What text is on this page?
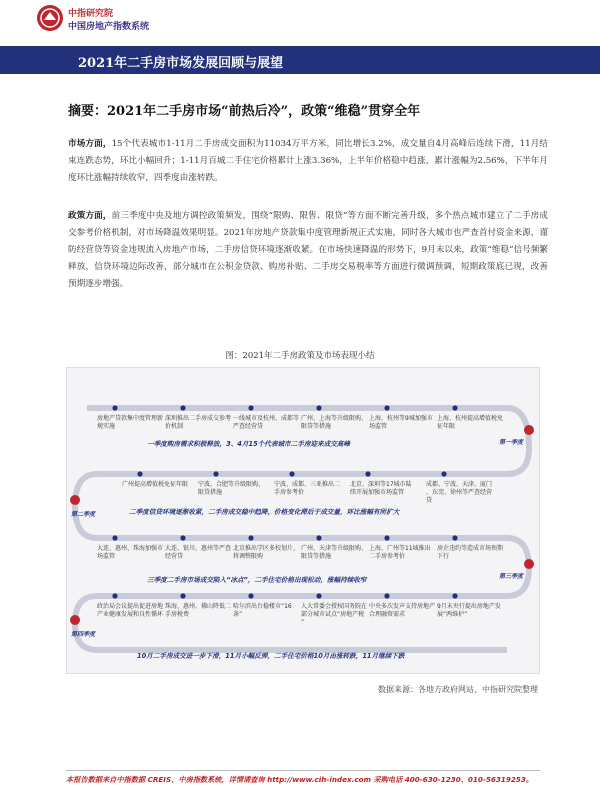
中指研究院
中国房地产指数系统
2021年二手房市场发展回顾与展望
摘要：2021年二手房市场“前热后冷”，政策“维稳”贯穿全年
市场方面，15个代表城市1-11月二手房成交面积为11034万平方米，同比增长3.2%，成交量自4月高峰后连续下滑，11月结束连跌态势，环比小幅回升；1-11月百城二手住宅价格累计上涨3.36%，上半年价格稳中趋涨，累计涨幅为2.56%，下半年月度环比涨幅持续收窄，四季度由涨转跌。
政策方面，前三季度中央及地方调控政策频发，围绕“限购、限售、限贷”等方面不断完善升级，多个热点城市建立了二手房成交参考价格机制，对市场降温效果明显。2021年房地产贷款集中度管理新规正式实施，同时各大城市也严查首付资金来源，谨防经营贷等资金违规流入房地产市场，二手房信贷环境逐渐收紧。在市场快速降温的形势下，9月末以来，政策“维稳”信号频繁释放，信贷环境边际改善，部分城市在公积金贷款、购房补贴、二手房交易税率等方面进行微调预调，短期政策底已现，改善预期逐步增强。
图：2021年二手房政策及市场表现小结
第一季度
第二季度
第三季度
第四季度
一季度购房需求积极释放，3、4月15个代表城市二手房迎来成交高峰
二季度信贷环境逐渐收紧，二手房成交稳中趋降，价格变化滞后于成交量，环比涨幅有所扩大
三季度二手房市场成交陷入“冰点”，二手住宅价格出现松动，涨幅持续收窄
10月二手房成交进一步下滑，11月小幅反弹，二手住宅价格10月由涨转跌，11月继续下跌
房地产贷款集中度管理新规实施
深圳推出二手房成交参考价机制
一线城市及杭州、成都等严查经营贷
广州、上海等升级限购、限贷等措施
上海、杭州等9城加强市场监管
上海、杭州提高增值税免征年限
广州提高增值税免征年限 宁波、合肥等升级限购、限贷措施
宁波、成都、三亚推出二手房参考价
北京、深圳等17城市陆续开展加强市场监管
成都、宁波、天津、厦门、东莞、徐州等严查经营贷
大连、惠州、珠海加强市场监管
大连、银川、惠州等严查经营贷
北京推出学区多校划片，将调整限购
广州、天津等升级限购、限贷等措施
上海、广州等11城推出二手房参考价
房企违约等造成市场预期下行
政治局会议提出促进房地产业健康发展和良性循环
珠海、惠州、佛山降低二手房税费
哈尔滨出台稳楼市“16 条”
人大常委会授权国务院在部分城市试点“房地产税”
中央多次发声支持房地产合理融资需求
9月末央行提出房地产发展“两维护”
数据来源：各地方政府网站、中指研究院整理
本报告数据来自中指数据 CREIS、中房指数系统，详情请查询 http://www.cih-index.com 采购电话 400-630-1230、010-56319253。
